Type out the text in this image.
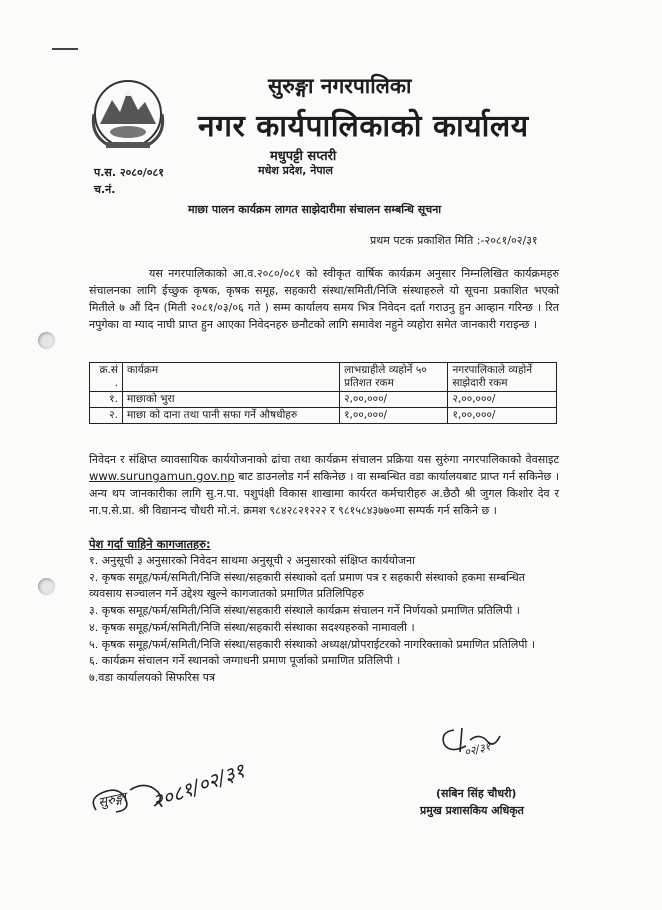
सुरुङ्गा नगरपालिका
नगर कार्यपालिकाको कार्यालय
मधुपट्टी सप्तरी
मधेश प्रदेश, नेपाल
प.स. २०८०/०८१
च.नं.
माछा पालन कार्यक्रम लागत साझेदारीमा संचालन सम्बन्धि सूचना
प्रथम पटक प्रकाशित मिति :-२०८१/०२/३१
यस नगरपालिकाको आ.व.२०८०/०८१ को स्वीकृत वार्षिक कार्यक्रम अनुसार निम्नलिखित कार्यक्रमहरु संचालनका लागि ईच्छुक कृषक, कृषक समूह, सहकारी संस्था/समिती/निजि संस्थाहरुले यो सूचना प्रकाशित भएको मितीले ७ औं दिन (मिती २०८१/०३/०६ गते ) सम्म कार्यालय समय भित्र निवेदन दर्ता गराउनु हुन आव्हान गरिन्छ । रित नपुगेका वा म्याद नाघी प्राप्त हुन आएका निवेदनहरु छनौटको लागि समावेश नहुने व्यहोरा समेत जानकारी गराइन्छ ।
क्र.सं .	कार्यक्रम	लाभग्राहीले व्यहोर्ने ५० प्रतिशत रकम	नगरपालिकाले व्यहोर्ने साझेदारी रकम
१.	माछाको भुरा	२,००,०००/	२,००,०००/
२.	माछा को दाना तथा पानी सफा गर्ने औषधीहरु	१,००,०००/	१,००,०००/
निवेदन र संक्षिप्त व्यावसायिक कार्ययोजनाको ढांचा तथा कार्यक्रम संचालन प्रक्रिया यस सुरुंगा नगरपालिकाको वेवसाइट www.surungamun.gov.np बाट डाउनलोड गर्न सकिनेछ । वा सम्बन्धित वडा कार्यालयबाट प्राप्त गर्न सकिनेछ । अन्य थप जानकारीका लागि सु.न.पा. पशुपंक्षी विकास शाखामा कार्यरत कर्मचारीहरु अ.छैठौ श्री जुगल किशोर देव र ना.प.से.प्रा. श्री विद्यानन्द चौधरी मो.नं. क्रमश ९८४२८२१२२२ र ९८१५८४३७७०मा सम्पर्क गर्न सकिने छ ।
पेश गर्दा चाहिने कागजातहरु:
१. अनुसूची ३ अनुसारको निवेदन साथमा अनुसूची २ अनुसारको संक्षिप्त कार्ययोजना
२. कृषक समूह/फर्म/समिती/निजि संस्था/सहकारी संस्थाको दर्ता प्रमाण पत्र र सहकारी संस्थाको हकमा सम्बन्धित व्यवसाय सञ्चालन गर्ने उद्देश्य खुल्ने कागजातको प्रमाणित प्रतिलिपिहरु
३. कृषक समूह/फर्म/समिती/निजि संस्था/सहकारी संस्थाले कार्यक्रम संचालन गर्ने निर्णयको प्रमाणित प्रतिलिपी ।
४. कृषक समूह/फर्म/समिती/निजि संस्था/सहकारी संस्थाका सदश्यहरुको नामावली ।
५. कृषक समूह/फर्म/समिती/निजि संस्था/सहकारी संस्थाको अध्यक्ष/प्रोपराईटरको नागरिक्ताको प्रमाणित प्रतिलिपी ।
६. कार्यक्रम संचालन गर्ने स्थानको जग्गाधनी प्रमाण पूर्जाको प्रमाणित प्रतिलिपी ।
७.वडा कार्यालयको सिफरिस पत्र
०२/३१
(सबिन सिंह चौधरी)
प्रमुख प्रशासकिय अधिकृत
सुरुङ्गा २०८१/०२/३१
